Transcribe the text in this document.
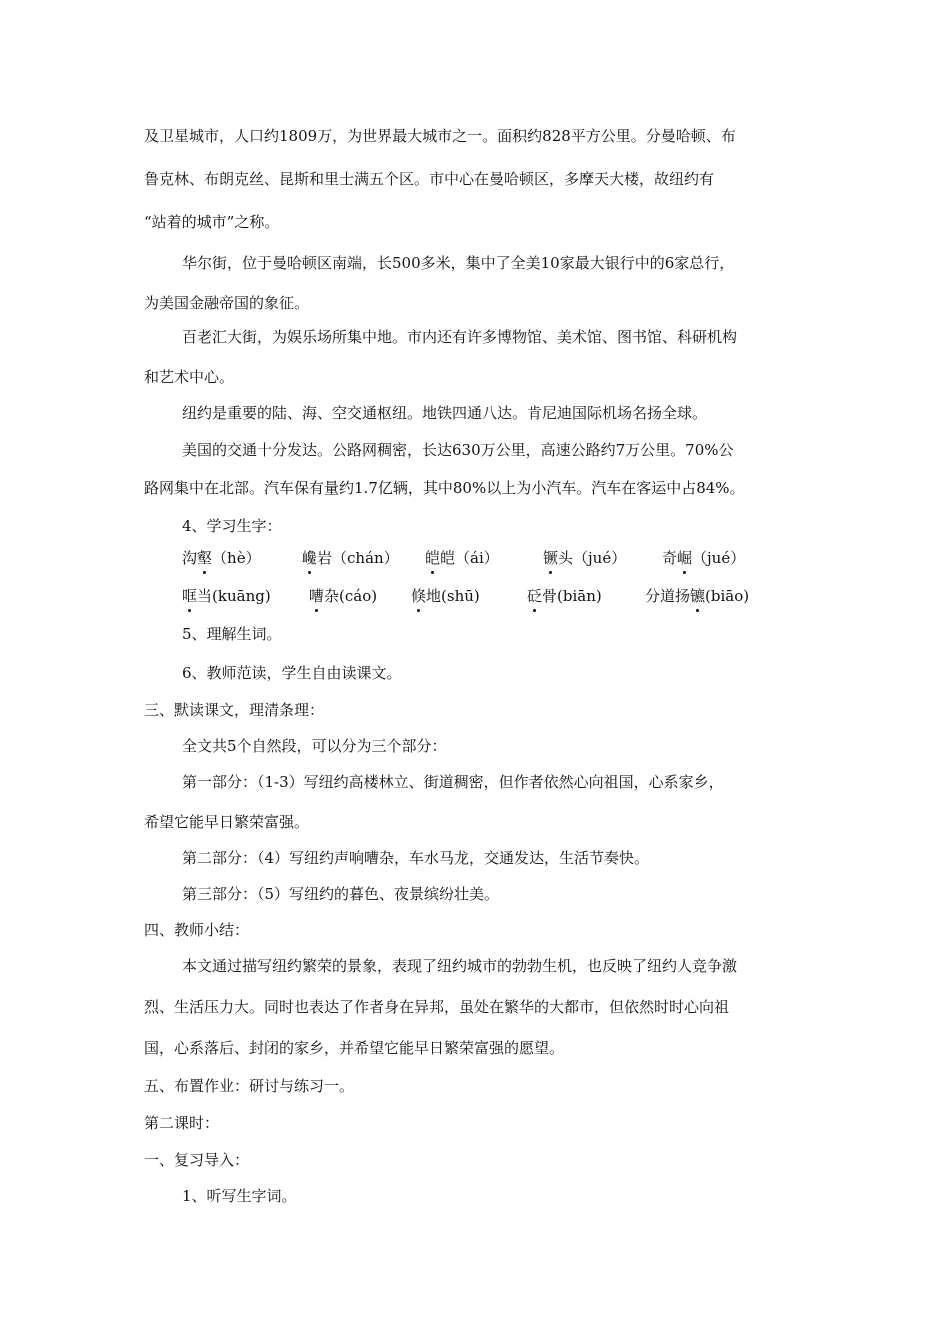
及卫星城市，人口约1809万，为世界最大城市之一。面积约828平方公里。分曼哈顿、布

鲁克林、布朗克丝、昆斯和里士满五个区。市中心在曼哈顿区，多摩天大楼，故纽约有

“站着的城市”之称。

华尔街，位于曼哈顿区南端，长500多米，集中了全美10家最大银行中的6家总行，

为美国金融帝国的象征。

百老汇大街，为娱乐场所集中地。市内还有许多博物馆、美术馆、图书馆、科研机构

和艺术中心。

纽约是重要的陆、海、空交通枢纽。地铁四通八达。肯尼迪国际机场名扬全球。

美国的交通十分发达。公路网稠密，长达630万公里，高速公路约7万公里。70%公

路网集中在北部。汽车保有量约1.7亿辆，其中80%以上为小汽车。汽车在客运中占84%。

4、学习生字：

沟壑（hè）	巉岩（chán） 皑皑（ái）	镢头（jué） 奇崛（jué）
哐当(kuāng)	嘈杂(cáo) 倏地(shū)	砭骨(biān)	分道扬镳(biāo)

5、理解生词。

6、教师范读，学生自由读课文。

三、默读课文，理清条理：

全文共5个自然段，可以分为三个部分：

第一部分：（1-3）写纽约高楼林立、街道稠密，但作者依然心向祖国，心系家乡，

希望它能早日繁荣富强。

第二部分：（4）写纽约声响嘈杂，车水马龙，交通发达，生活节奏快。

第三部分：（5）写纽约的暮色、夜景缤纷壮美。

四、教师小结：

本文通过描写纽约繁荣的景象，表现了纽约城市的勃勃生机，也反映了纽约人竞争激

烈、生活压力大。同时也表达了作者身在异邦，虽处在繁华的大都市，但依然时时心向祖

国，心系落后、封闭的家乡，并希望它能早日繁荣富强的愿望。

五、布置作业：研讨与练习一。

第二课时：

一、复习导入：

1、听写生字词。
